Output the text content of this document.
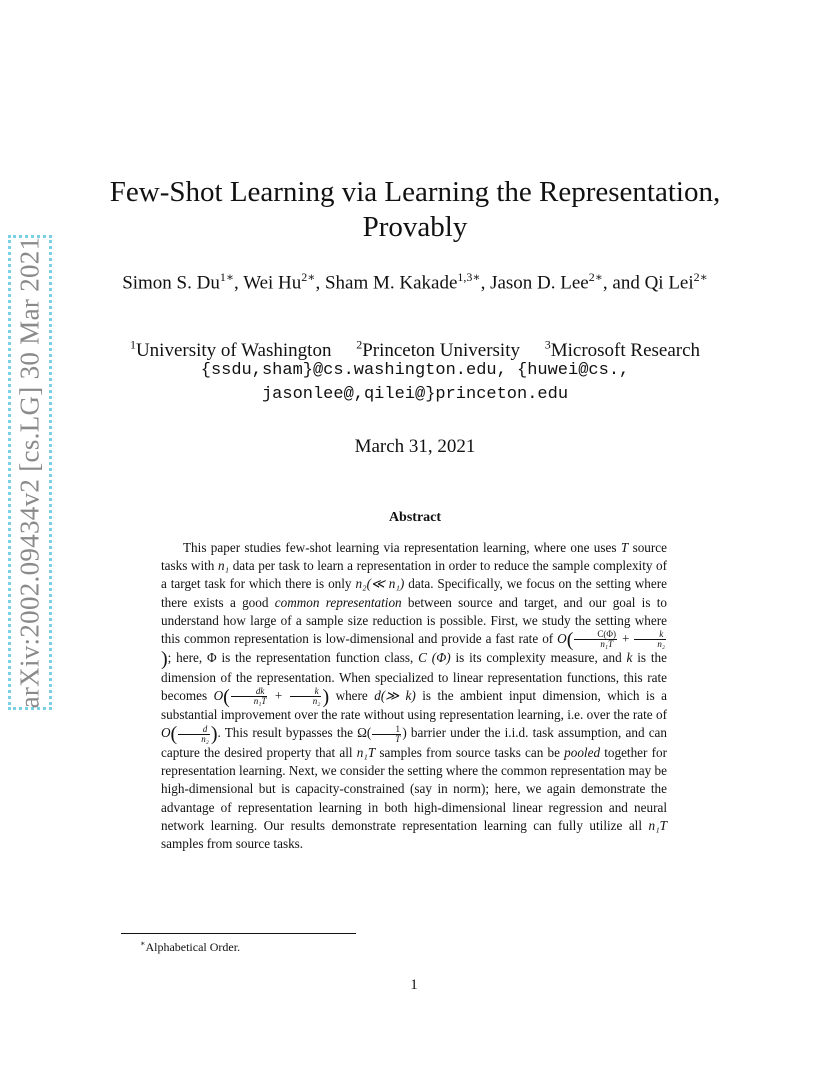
arXiv:2002.09434v2 [cs.LG] 30 Mar 2021
Few-Shot Learning via Learning the Representation,
Provably
Simon S. $Du^{1∗}$, Wei $Hu^{2∗}$, Sham M. Kakade$^{1,3∗}$, Jason D. Lee$^{2∗}$, and Qi Lei$^{2∗}$
$^1$University of Washington $^2$Princeton University $^3$Microsoft Research
{ssdu,sham}@cs.washington.edu, {huwei@cs.,
jasonlee@,qilei@}princeton.edu
March 31, 2021
Abstract
This paper studies few-shot learning via representation learning, where one uses T source tasks with n₁ data per task to learn a representation in order to reduce the sample complexity of a target task for which there is only n₂(≪ n₁) data. Specifically, we focus on the setting where there exists a good common representation between source and target, and our goal is to understand how large of a sample size reduction is possible. First, we study the setting where this common representation is low-dimensional and provide a fast rate of $O( \frac{C(\Phi)}{\text{n₁T}} + \frac{k}{\text{n₂}}$
); here, Φ is the representation function class, C (Φ) is its complexity measure, and k is the dimension of the representation. When specialized to linear representation functions, this rate becomes $O( \frac{dk}{\text{n₁T}} + \frac{k}{\text{n₂}}$ ) where d(≫ k) is the ambient input dimension, which is a substantial improvement over the rate without using representation learning, i.e. over the rate of $O( \frac{d}{\text{n₂}}$ ). This result bypasses the $\Omega( \frac{1}{T}$ ) barrier under the i.i.d. task assumption, and can capture the desired property that all n₁T samples from source tasks can be pooled together for representation learning. Next, we consider the setting where the common representation may be high-dimensional but is capacity-constrained (say in norm); here, we again demonstrate the advantage of representation learning in both high-dimensional linear regression and neural network learning. Our results demonstrate representation learning can fully utilize all n₁T samples from source tasks.
∗Alphabetical Order.
1
